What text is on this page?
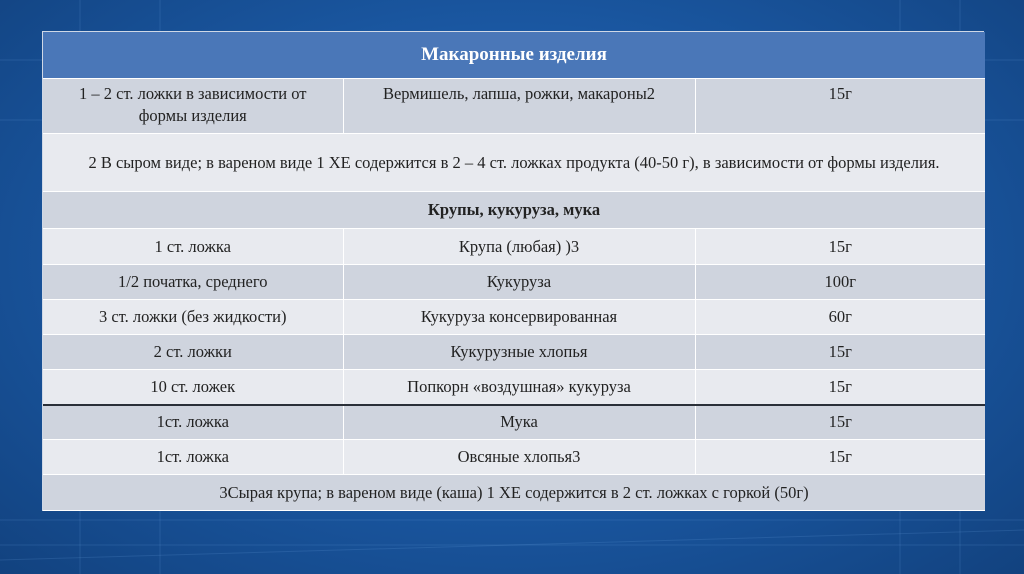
Макаронные изделия		
1 – 2 ст. ложки в зависимости от формы изделия	Вермишель, лапша, рожки, макароны2	15г
2 В сыром виде; в вареном виде 1 ХЕ содержится в 2 – 4 ст. ложках продукта (40-50 г), в зависимости от формы изделия.		
Крупы, кукуруза, мука		
1 ст. ложка	Крупа (любая) )3	15г
1/2 початка, среднего	Кукуруза	100г
3 ст. ложки (без жидкости)	Кукуруза консервированная	60г
2 ст. ложки	Кукурузные хлопья	15г
10 ст. ложек	Попкорн «воздушная» кукуруза	15г
1ст. ложка	Мука	15г
1ст. ложка	Овсяные хлопья3	15г
3Сырая крупа; в вареном виде (каша) 1 ХЕ содержится в 2 ст. ложках с горкой (50г)		
